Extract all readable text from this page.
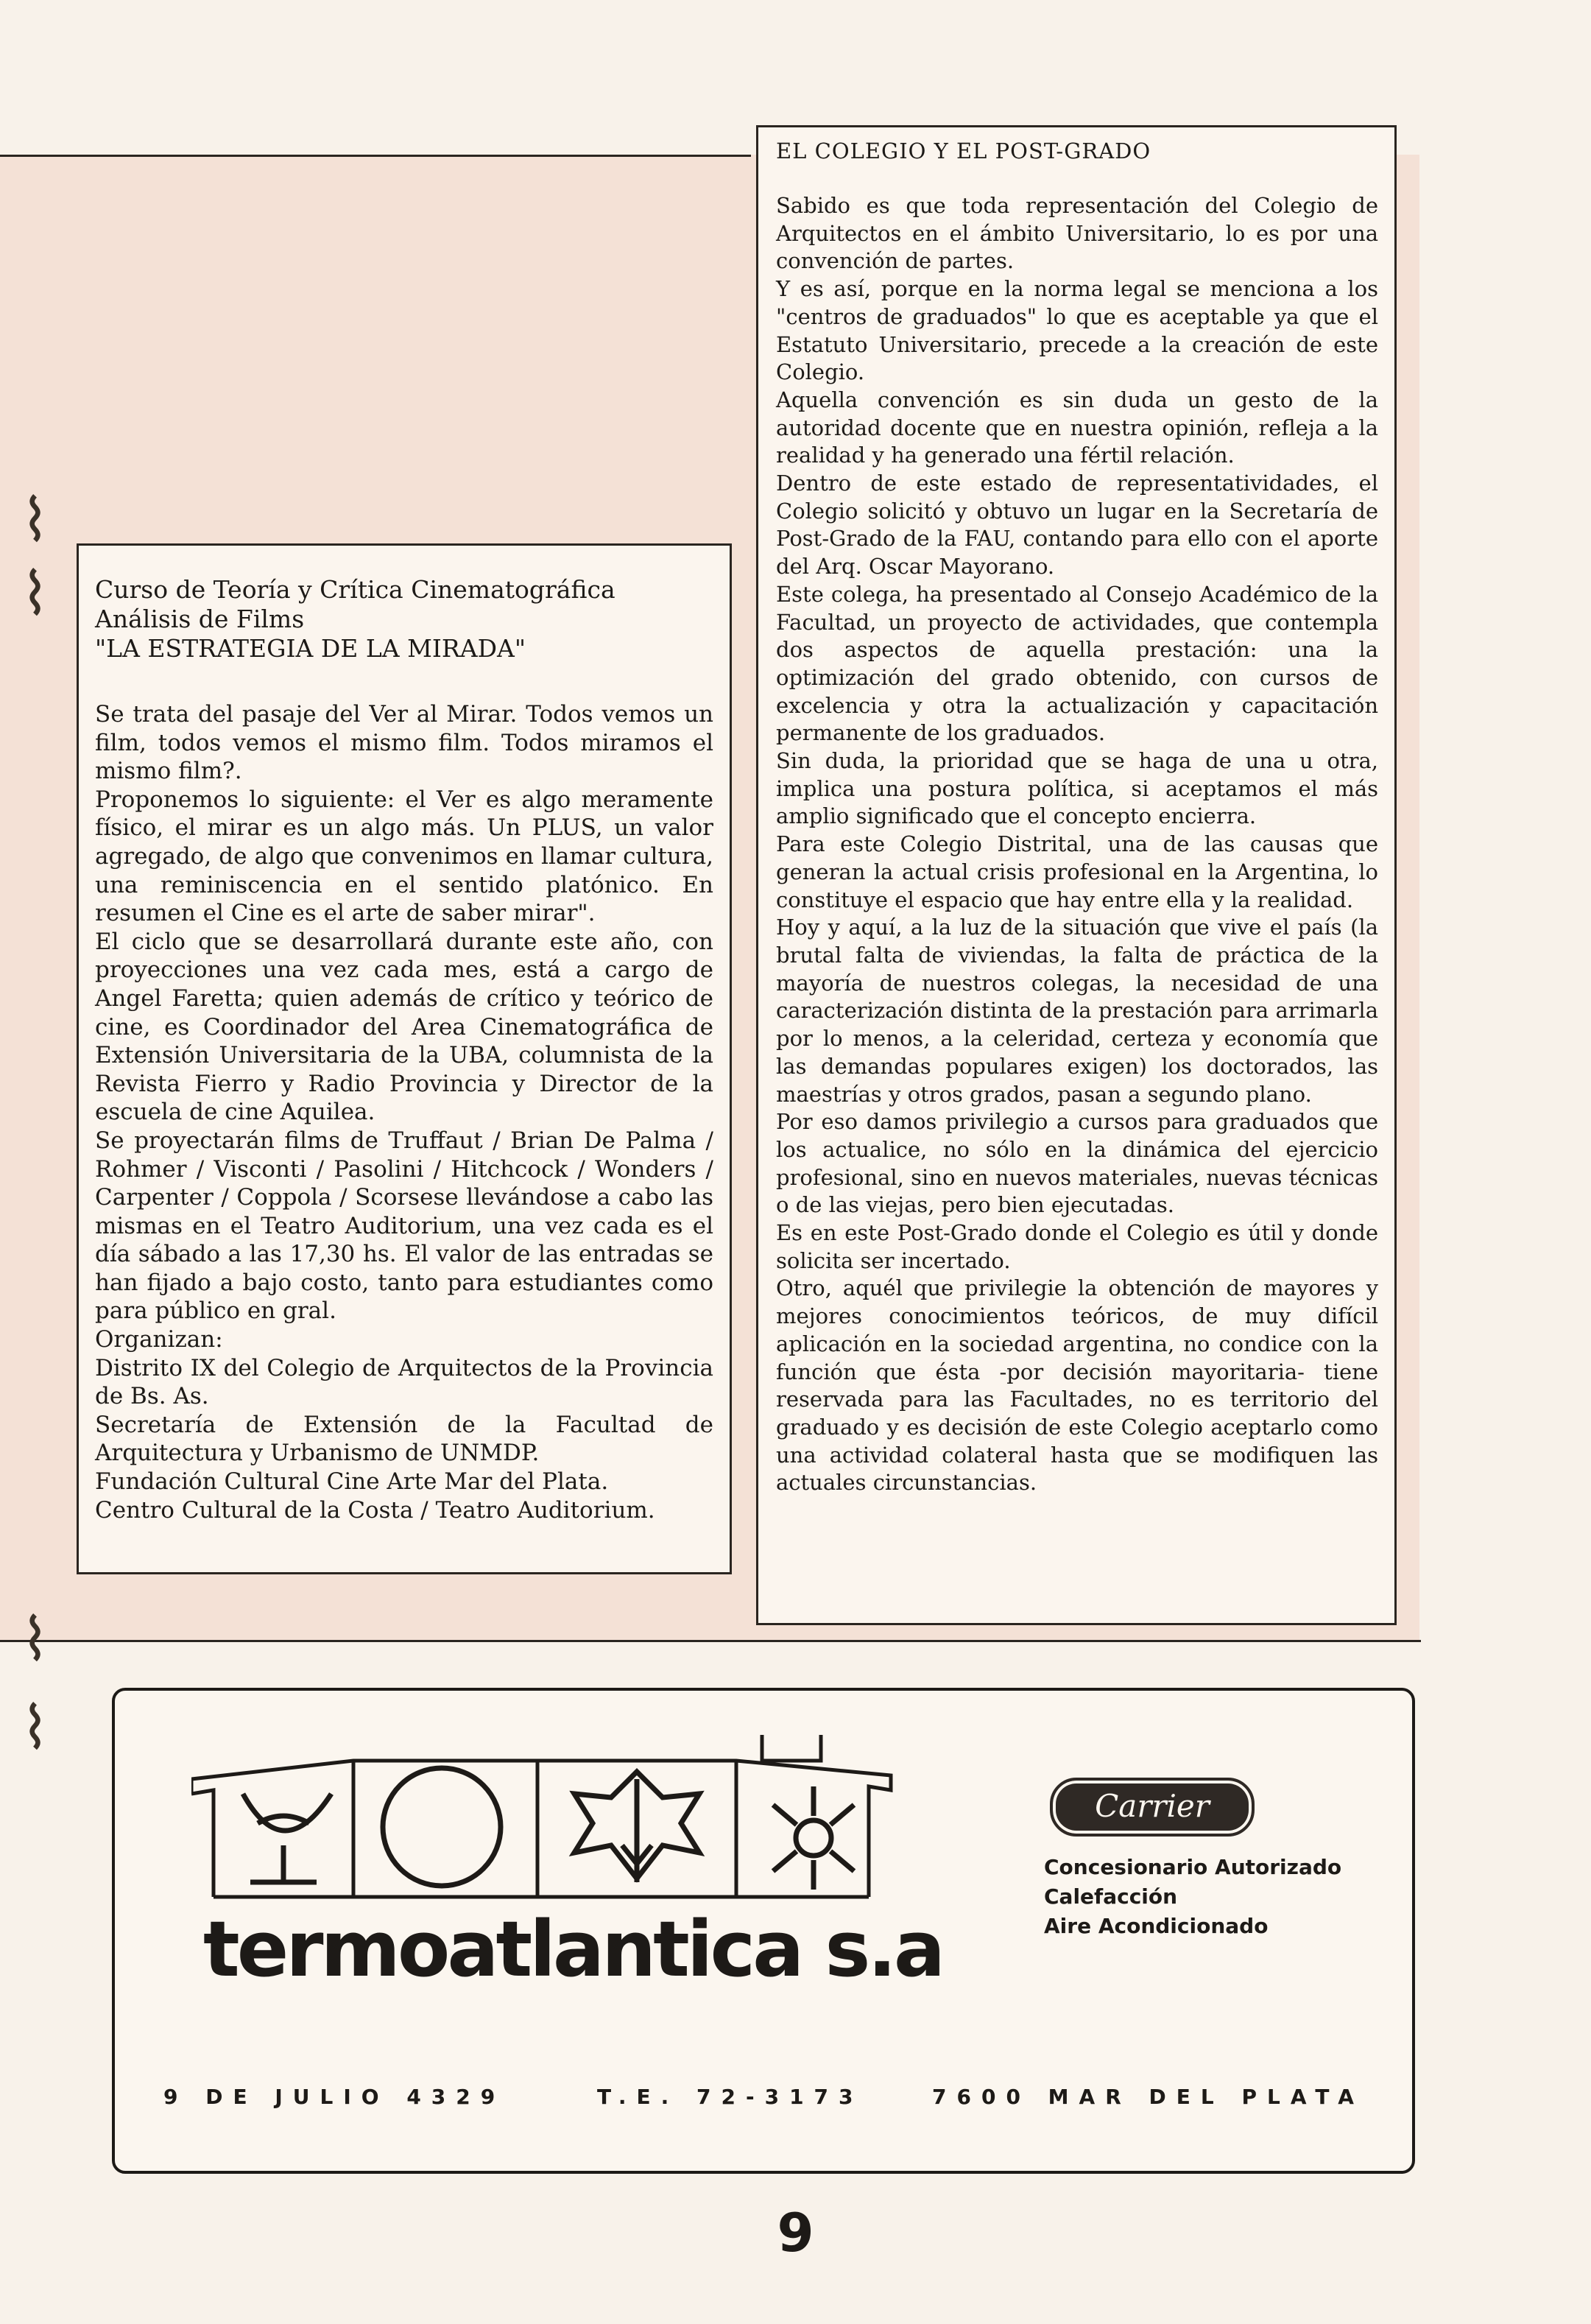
⌇
⌇
⌇
⌇
Curso de Teoría y Crítica Cinematográfica
Análisis de Films
"LA ESTRATEGIA DE LA MIRADA"

Se trata del pasaje del Ver al Mirar. Todos vemos un film, todos vemos el mismo film. Todos miramos el mismo film?.

Proponemos lo siguiente: el Ver es algo meramente físico, el mirar es un algo más. Un PLUS, un valor agregado, de algo que convenimos en llamar cultura, una reminiscencia en el sentido platónico. En resumen el Cine es el arte de saber mirar".

El ciclo que se desarrollará durante este año, con proyecciones una vez cada mes, está a cargo de Angel Faretta; quien además de crítico y teórico de cine, es Coordinador del Area Cinematográfica de Extensión Universitaria de la UBA, columnista de la Revista Fierro y Radio Provincia y Director de la escuela de cine Aquilea.

Se proyectarán films de Truffaut / Brian De Palma / Rohmer / Visconti / Pasolini / Hitchcock / Wonders / Carpenter / Coppola / Scorsese llevándose a cabo las mismas en el Teatro Auditorium, una vez cada es el día sábado a las 17,30 hs. El valor de las entradas se han fijado a bajo costo, tanto para estudiantes como para público en gral.

Organizan:

Distrito IX del Colegio de Arquitectos de la Provincia de Bs. As.

Secretaría de Extensión de la Facultad de Arquitectura y Urbanismo de UNMDP.

Fundación Cultural Cine Arte Mar del Plata.

Centro Cultural de la Costa / Teatro Auditorium.

EL COLEGIO Y EL POST-GRADO

Sabido es que toda representación del Colegio de Arquitectos en el ámbito Universitario, lo es por una convención de partes.

Y es así, porque en la norma legal se menciona a los "centros de graduados" lo que es aceptable ya que el Estatuto Universitario, precede a la creación de este Colegio.

Aquella convención es sin duda un gesto de la autoridad docente que en nuestra opinión, refleja a la realidad y ha generado una fértil relación.

Dentro de este estado de representatividades, el Colegio solicitó y obtuvo un lugar en la Secretaría de Post-Grado de la FAU, contando para ello con el aporte del Arq. Oscar Mayorano.

Este colega, ha presentado al Consejo Académico de la Facultad, un proyecto de actividades, que contempla dos aspectos de aquella prestación: una la optimización del grado obtenido, con cursos de excelencia y otra la actualización y capacitación permanente de los graduados.

Sin duda, la prioridad que se haga de una u otra, implica una postura política, si aceptamos el más amplio significado que el concepto encierra.

Para este Colegio Distrital, una de las causas que generan la actual crisis profesional en la Argentina, lo constituye el espacio que hay entre ella y la realidad.

Hoy y aquí, a la luz de la situación que vive el país (la brutal falta de viviendas, la falta de práctica de la mayoría de nuestros colegas, la necesidad de una caracterización distinta de la prestación para arrimarla por lo menos, a la celeridad, certeza y economía que las demandas populares exigen) los doctorados, las maestrías y otros grados, pasan a segundo plano.

Por eso damos privilegio a cursos para graduados que los actualice, no sólo en la dinámica del ejercicio profesional, sino en nuevos materiales, nuevas técnicas o de las viejas, pero bien ejecutadas.

Es en este Post-Grado donde el Colegio es útil y donde solicita ser incertado.

Otro, aquél que privilegie la obtención de mayores y mejores conocimientos teóricos, de muy difícil aplicación en la sociedad argentina, no condice con la función que ésta -por decisión mayoritaria- tiene reservada para las Facultades, no es territorio del graduado y es decisión de este Colegio aceptarlo como una actividad colateral hasta que se modifiquen las actuales circunstancias.

termoatlantica s.a
Carrier
Concesionario Autorizado
Calefacción
Aire Acondicionado
9 DE JULIO 4329	T.E. 72-3173	7600 MAR DEL PLATA
9
